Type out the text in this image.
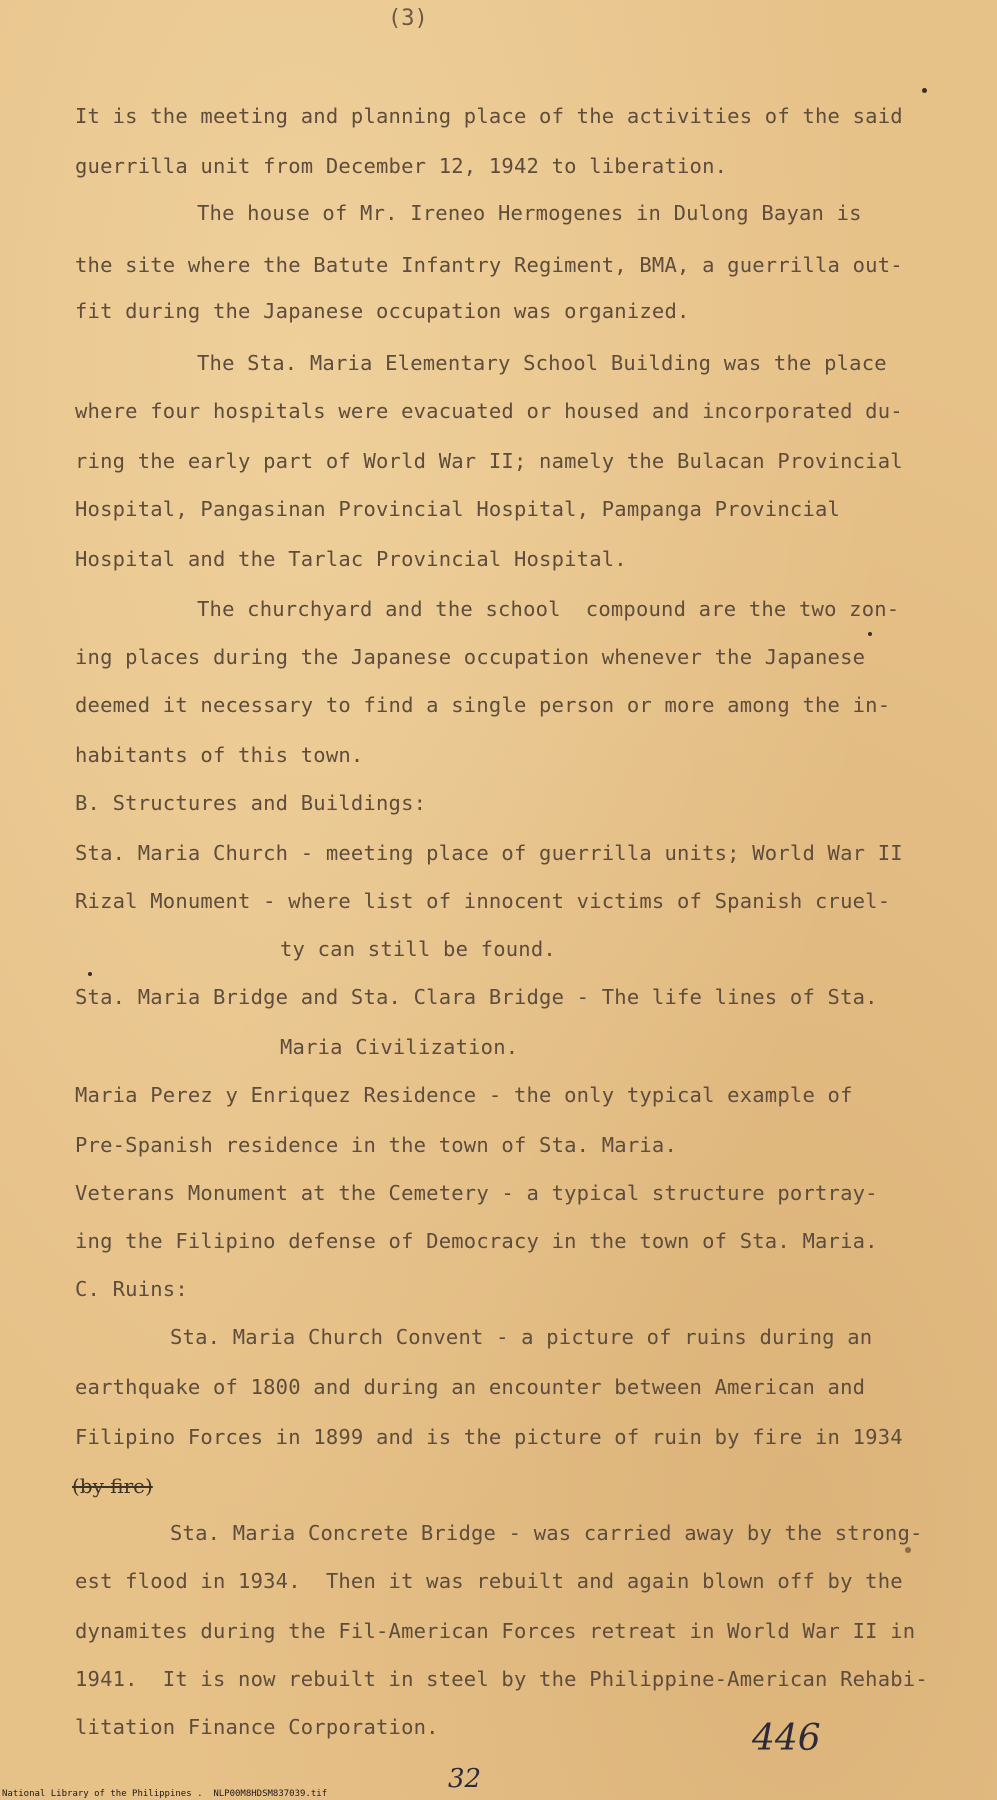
(3)
It is the meeting and planning place of the activities of the said
guerrilla unit from December 12, 1942 to liberation.
The house of Mr. Ireneo Hermogenes in Dulong Bayan is
the site where the Batute Infantry Regiment, BMA, a guerrilla out-
fit during the Japanese occupation was organized.
The Sta. Maria Elementary School Building was the place
where four hospitals were evacuated or housed and incorporated du-
ring the early part of World War II; namely the Bulacan Provincial
Hospital, Pangasinan Provincial Hospital, Pampanga Provincial
Hospital and the Tarlac Provincial Hospital.
The churchyard and the school  compound are the two zon-
ing places during the Japanese occupation whenever the Japanese
deemed it necessary to find a single person or more among the in-
habitants of this town.
B. Structures and Buildings:
Sta. Maria Church - meeting place of guerrilla units; World War II
Rizal Monument - where list of innocent victims of Spanish cruel-
ty can still be found.
Sta. Maria Bridge and Sta. Clara Bridge - The life lines of Sta.
Maria Civilization.
Maria Perez y Enriquez Residence - the only typical example of
Pre-Spanish residence in the town of Sta. Maria.
Veterans Monument at the Cemetery - a typical structure portray-
ing the Filipino defense of Democracy in the town of Sta. Maria.
C. Ruins:
Sta. Maria Church Convent - a picture of ruins during an
earthquake of 1800 and during an encounter between American and
Filipino Forces in 1899 and is the picture of ruin by fire in 1934
(by fire)
Sta. Maria Concrete Bridge - was carried away by the strong-
est flood in 1934.  Then it was rebuilt and again blown off by the
dynamites during the Fil-American Forces retreat in World War II in
1941.  It is now rebuilt in steel by the Philippine-American Rehabi-
litation Finance Corporation.	446
32
National Library of the Philippines .  NLP00M8HDSM837039.tif
